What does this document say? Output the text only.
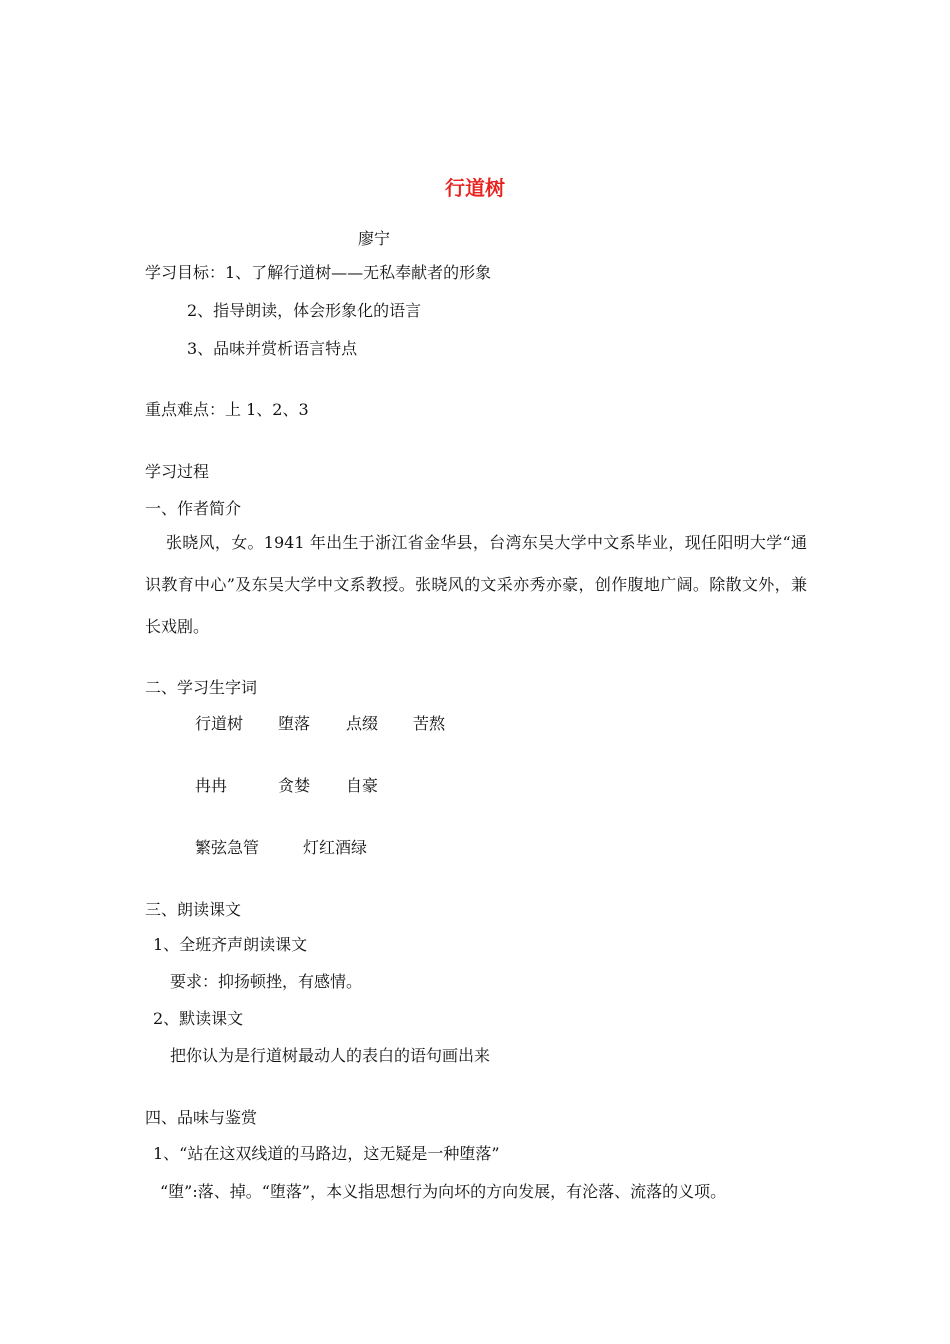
行道树

廖宁

学习目标：1、了解行道树——无私奉献者的形象

2、指导朗读，体会形象化的语言

3、品味并赏析语言特点

重点难点：上 1、2、3

学习过程

一、作者简介

张晓风，女。1941 年出生于浙江省金华县，台湾东吴大学中文系毕业，现任阳明大学“通识教育中心”及东吴大学中文系教授。张晓风的文采亦秀亦豪，创作腹地广阔。除散文外，兼长戏剧。

二、学习生字词

行道树 堕落 点缀 苦熬
冉冉	贪婪 自豪
繁弦急管	灯红酒绿

三、朗读课文

1、全班齐声朗读课文

要求：抑扬顿挫，有感情。

2、默读课文

把你认为是行道树最动人的表白的语句画出来

四、品味与鉴赏

1、“站在这双线道的马路边，这无疑是一种堕落”

“堕”:落、掉。“堕落”，本义指思想行为向坏的方向发展，有沦落、流落的义项。
